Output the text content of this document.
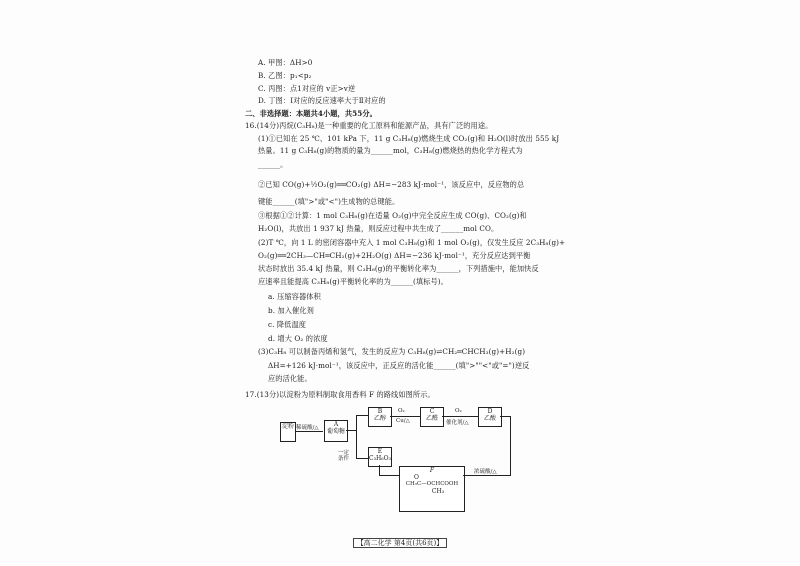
A. 甲图：ΔH>0
B. 乙图：p₁<p₂
C. 丙图：点1对应的 v正>v逆
D. 丁图：Ⅰ对应的反应速率大于Ⅱ对应的
二、非选择题：本题共4小题，共55分。
16.(14分)丙烷(C₃H₈)是一种重要的化工原料和能源产品，具有广泛的用途。
(1)①已知在 25 ℃、101 kPa 下，11 g C₃H₈(g)燃烧生成 CO₂(g)和 H₂O(l)时放出 555 kJ
热量。11 g C₃H₈(g)的物质的量为______mol，C₃H₈(g)燃烧热的热化学方程式为
______。
②已知 CO(g)+½O₂(g)══CO₂(g) ΔH=−283 kJ·mol⁻¹，该反应中，反应物的总
键能______(填">"或"<")生成物的总键能。
③根据①②计算：1 mol C₃H₈(g)在适量 O₂(g)中完全反应生成 CO(g)、CO₂(g)和
H₂O(l)，共放出 1 937 kJ 热量，则反应过程中共生成了______mol CO。
(2)T ℃，向 1 L 的密闭容器中充入 1 mol C₃H₈(g)和 1 mol O₂(g)，仅发生反应 2C₃H₈(g)+
O₂(g)══2CH₃—CH═CH₂(g)+2H₂O(g) ΔH=−236 kJ·mol⁻¹，充分反应达到平衡
状态时放出 35.4 kJ 热量，则 C₃H₈(g)的平衡转化率为______，下列措施中，能加快反
应速率且能提高 C₃H₈(g)平衡转化率的为______(填标号)。
a. 压缩容器体积
b. 加入催化剂
c. 降低温度
d. 增大 O₂ 的浓度
(3)C₃H₈ 可以制备丙烯和氢气，发生的反应为 C₃H₈(g)⇌CH₂═CHCH₃(g)+H₂(g)
ΔH=+126 kJ·mol⁻¹，该反应中，正反应的活化能______(填">""<"或"=")逆反
应的活化能。
17.(13分)以淀粉为原料制取食用香料 F 的路线如图所示。
淀粉 稀硫酸/△	A
葡萄糖
B
乙醇
O₂
Cu/△
C
乙醛
O₂
催化剂/△
D
乙酸
一定
条件
E
C₃H₆O₃
F
O
CH₃C—OCHCOOH
CH₃
浓硫酸/△
【高二化学 第4页(共6页)】
